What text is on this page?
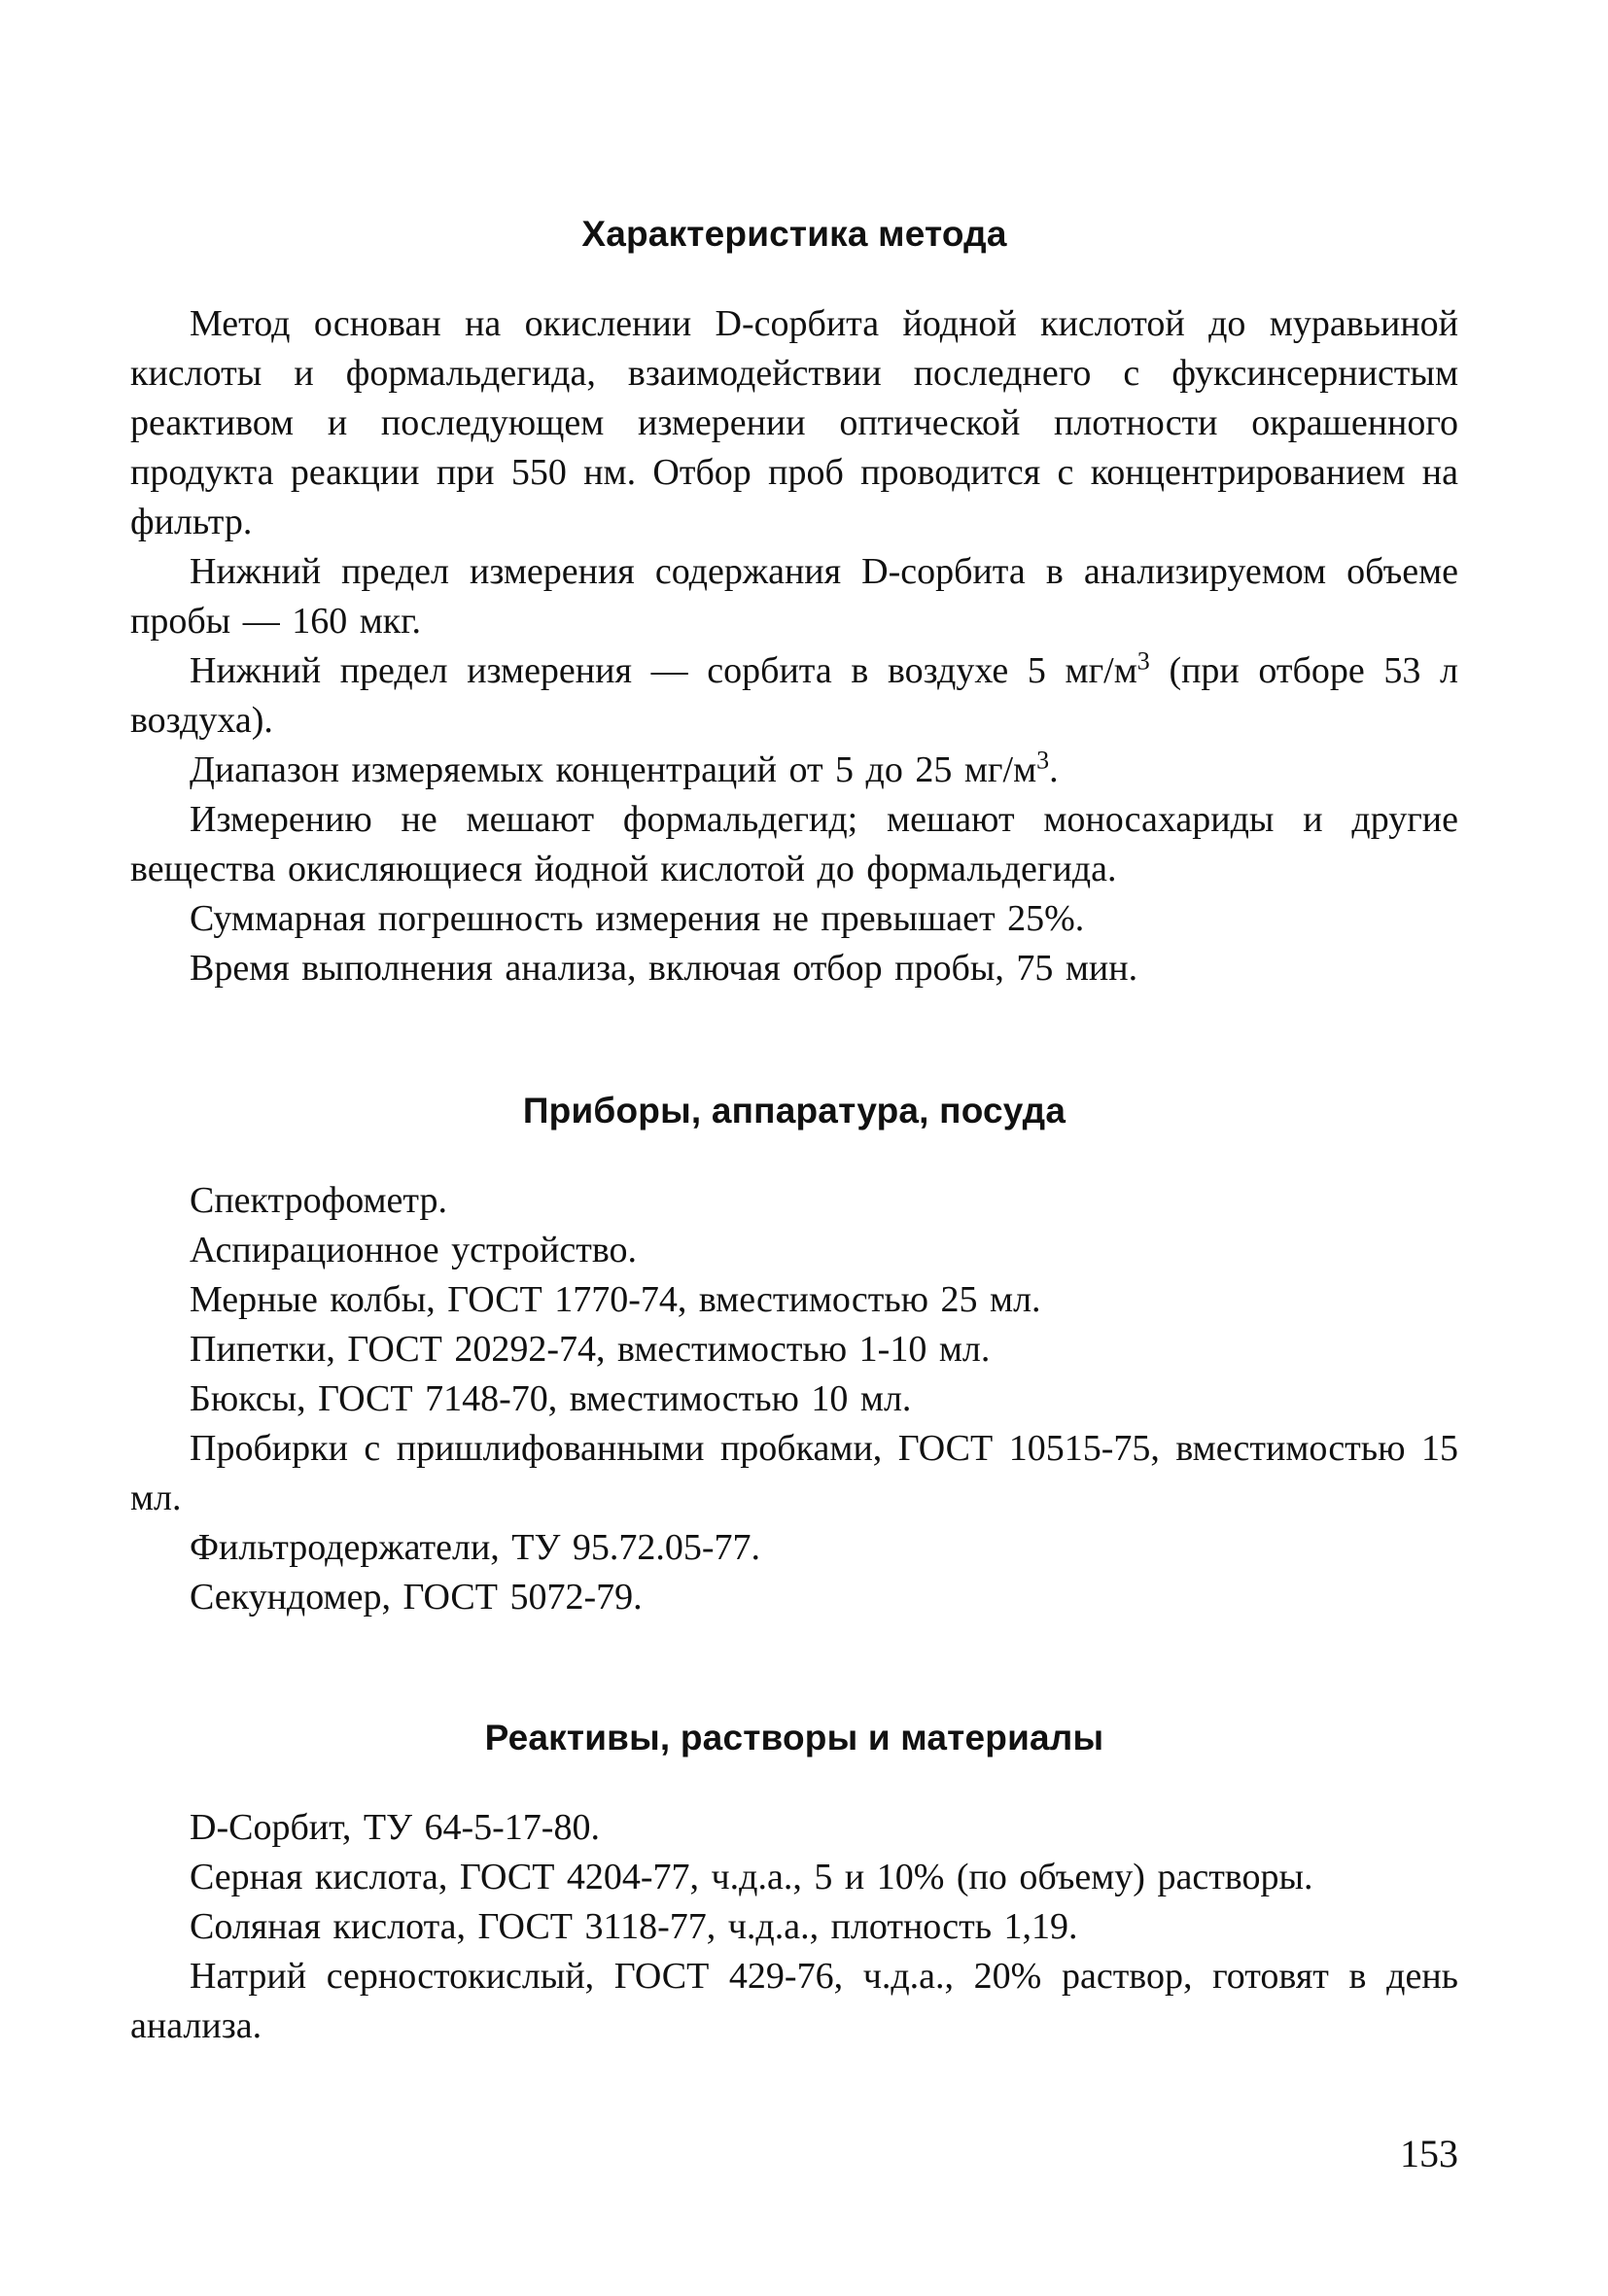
Характеристика метода

Метод основан на окислении D-сорбита йодной кислотой до муравьиной кислоты и формальдегида, взаимодействии последнего с фуксинсернистым реактивом и последующем измерении оптической плотности окрашенного продукта реакции при 550 нм. Отбор проб проводится с концентрированием на фильтр.

Нижний предел измерения содержания D-сорбита в анализируемом объеме пробы — 160 мкг.

Нижний предел измерения — сорбита в воздухе 5 $мг/м^3$ (при отборе 53 л воздуха).

Диапазон измеряемых концентраций от 5 до 25 $мг/м^3$.

Измерению не мешают формальдегид; мешают моносахариды и другие вещества окисляющиеся йодной кислотой до формальдегида.

Суммарная погрешность измерения не превышает 25%.

Время выполнения анализа, включая отбор пробы, 75 мин.

Приборы, аппаратура, посуда

Спектрофометр.

Аспирационное устройство.

Мерные колбы, ГОСТ 1770-74, вместимостью 25 мл.

Пипетки, ГОСТ 20292-74, вместимостью 1-10 мл.

Бюксы, ГОСТ 7148-70, вместимостью 10 мл.

Пробирки с пришлифованными пробками, ГОСТ 10515-75, вместимостью 15 мл.

Фильтродержатели, ТУ 95.72.05-77.

Секундомер, ГОСТ 5072-79.

Реактивы, растворы и материалы

D-Сорбит, ТУ 64-5-17-80.

Серная кислота, ГОСТ 4204-77, ч.д.а., 5 и 10% (по объему) растворы.

Соляная кислота, ГОСТ 3118-77, ч.д.а., плотность 1,19.

Натрий серностокислый, ГОСТ 429-76, ч.д.а., 20% раствор, готовят в день анализа.

153
